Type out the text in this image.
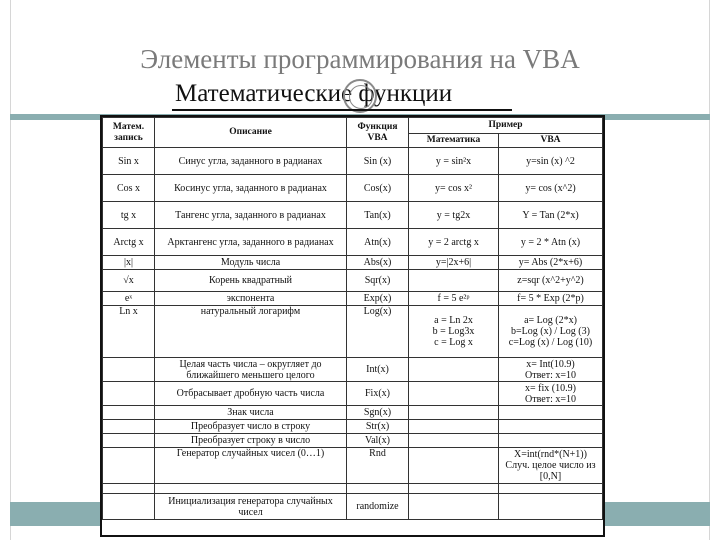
Элементы программирования на VBA
Математические функции
Матем. запись	Описание	Функция VBA	Пример	
			Математика	VBA
Sin x	Синус угла, заданного в радианах	Sin (x)	y = sin²x	y=sin (x) ^2
Cos x	Косинус угла, заданного в радианах	Cos(x)	y= cos x²	y= cos (x^2)
tg x	Тангенс угла, заданного в радианах	Tan(x)	y = tg2x	Y = Tan (2*x)
Arctg x	Арктангенс угла, заданного в радианах	Atn(x)	y = 2 arctg x	y = 2 * Atn (x)
|x|	Модуль числа	Abs(x)	y=|2x+6|	y= Abs (2*x+6)
√x	Корень квадратный	Sqr(x)		z=sqr (x^2+y^2)
eˣ	экспонента	Exp(x)	f = 5 e²ᵖ	f= 5 * Exp (2*p)
Ln x	натуральный логарифм	Log(x)	a = Ln 2x
b = Log3x
c = Log x	a= Log (2*x)
b=Log (x) / Log (3)
c=Log (x) / Log (10)
	Целая часть числа – округляет до ближайшего меньшего целого	Int(x)		x= Int(10.9)
Ответ: x=10
	Отбрасывает дробную часть числа	Fix(x)		x= fix (10.9)
Ответ: x=10
	Знак числа	Sgn(x)		
	Преобразует число в строку	Str(x)		
	Преобразует строку в число	Val(x)		
	Генератор случайных чисел (0…1)	Rnd		X=int(rnd*(N+1))
Случ. целое число из [0,N]

	Инициализация генератора случайных чисел	randomize		
